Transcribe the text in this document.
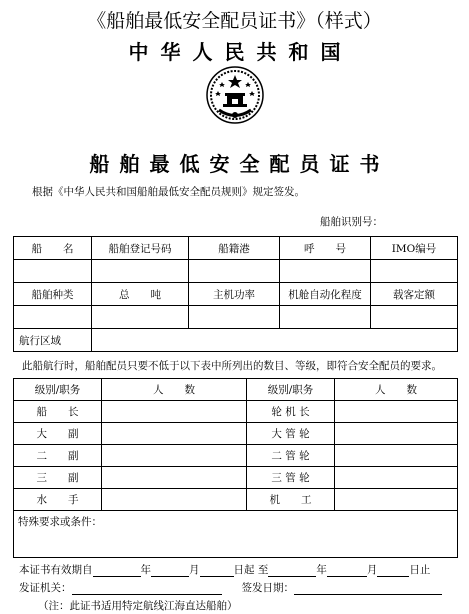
《船舶最低安全配员证书》（样式）
中华人民共和国
船舶最低安全配员证书
根据《中华人民共和国船舶最低安全配员规则》规定签发。
船舶识别号：
船　　名	船舶登记号码	船籍港	呼　　号	IMO编号

船舶种类	总　　吨	主机功率	机舱自动化程度	载客定额

航行区域				
此船航行时，船舶配员只要不低于以下表中所列出的数目、等级，即符合安全配员的要求。
级别/职务	人　　数	级别/职务	人　　数
船　　长		轮 机 长	
大　　副		大 管 轮	
二　　副		二 管 轮	
三　　副		三 管 轮	
水　　手		机　　工	
特殊要求或条件：			
本证书有效期自	年	月	日起 至	年	月	日止
发证机关：	签发日期：
（注：此证书适用特定航线江海直达船舶）
